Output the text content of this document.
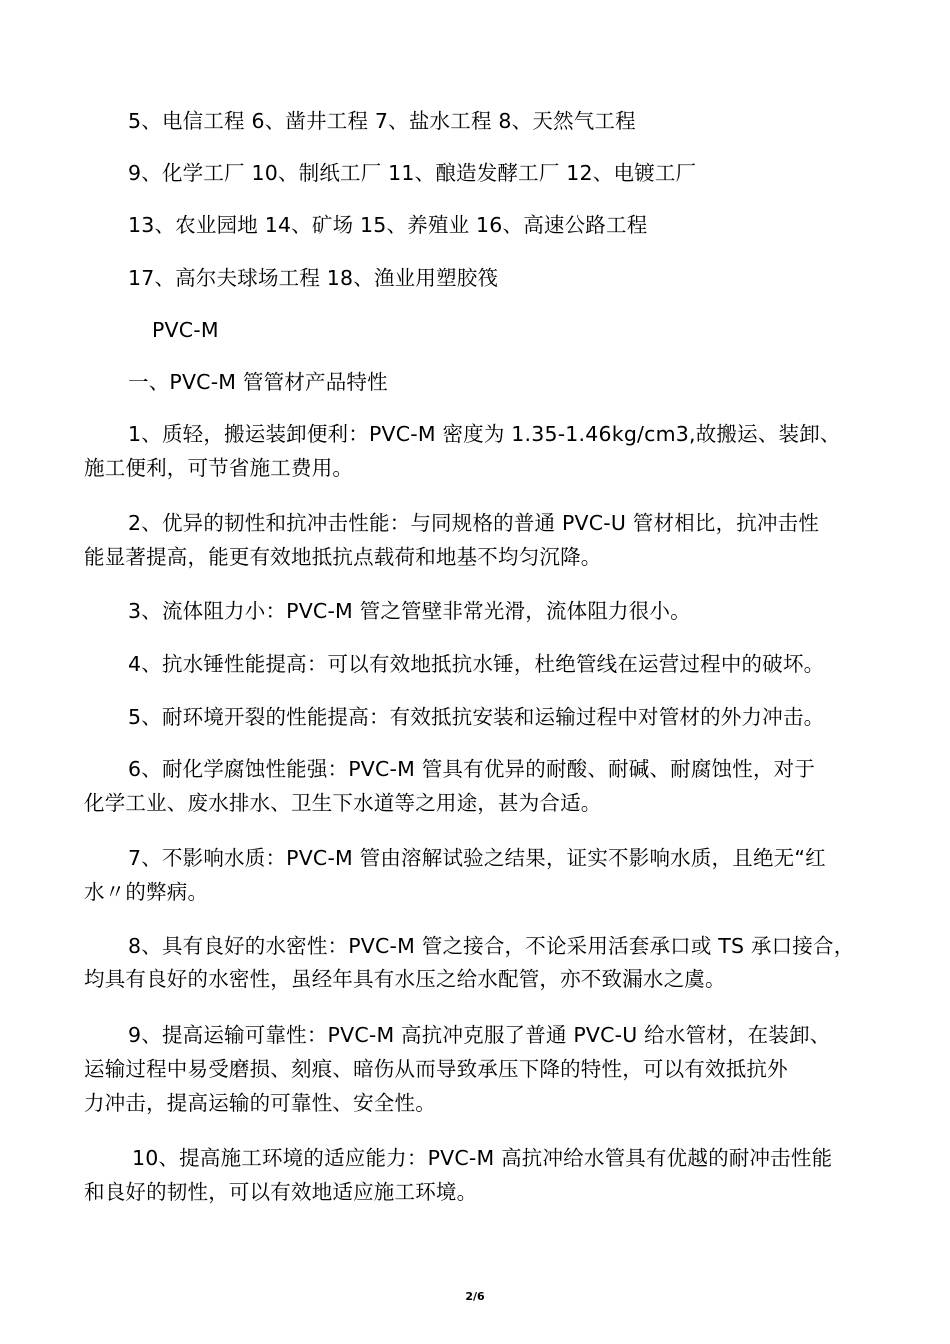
5、电信工程 6、凿井工程 7、盐水工程 8、天然气工程
9、化学工厂 10、制纸工厂 11、酿造发酵工厂 12、电镀工厂
13、农业园地 14、矿场 15、养殖业 16、高速公路工程
17、高尔夫球场工程 18、渔业用塑胶筏
PVC-M
一、PVC-M 管管材产品特性
1、质轻，搬运装卸便利：PVC-M 密度为 1.35-1.46kg/cm3,故搬运、装卸、
施工便利，可节省施工费用。
2、优异的韧性和抗冲击性能：与同规格的普通 PVC-U 管材相比，抗冲击性
能显著提高，能更有效地抵抗点载荷和地基不均匀沉降。
3、流体阻力小：PVC-M 管之管壁非常光滑，流体阻力很小。
4、抗水锤性能提高：可以有效地抵抗水锤，杜绝管线在运营过程中的破坏。
5、耐环境开裂的性能提高：有效抵抗安装和运输过程中对管材的外力冲击。
6、耐化学腐蚀性能强：PVC-M 管具有优异的耐酸、耐碱、耐腐蚀性，对于
化学工业、废水排水、卫生下水道等之用途，甚为合适。
7、不影响水质：PVC-M 管由溶解试验之结果，证实不影响水质，且绝无“红
水〃的弊病。
8、具有良好的水密性：PVC-M 管之接合，不论采用活套承口或 TS 承口接合，
均具有良好的水密性，虽经年具有水压之给水配管，亦不致漏水之虞。
9、提高运输可靠性：PVC-M 高抗冲克服了普通 PVC-U 给水管材，在装卸、
运输过程中易受磨损、刻痕、暗伤从而导致承压下降的特性，可以有效抵抗外
力冲击，提高运输的可靠性、安全性。
10、提高施工环境的适应能力：PVC-M 高抗冲给水管具有优越的耐冲击性能
和良好的韧性，可以有效地适应施工环境。
2/6
